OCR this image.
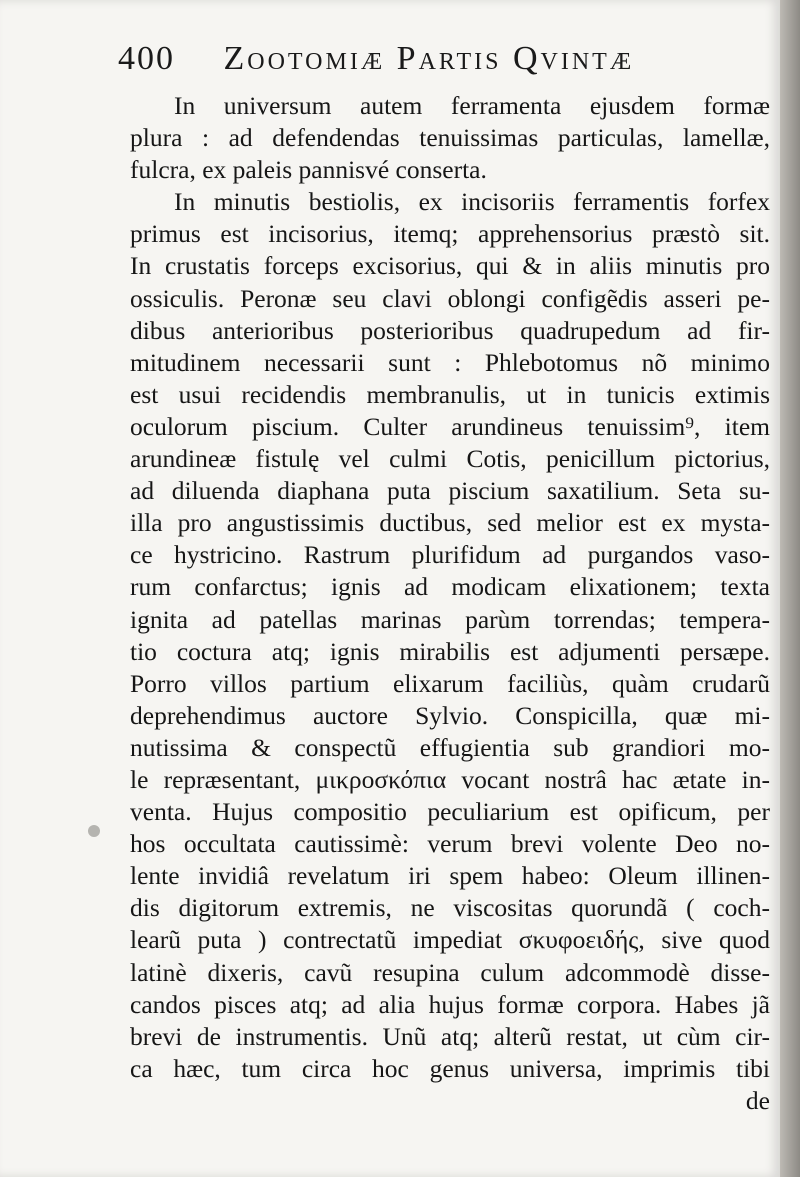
400 Zootomiæ Partis Qvintæ
In universum autem ferramenta ejusdem formæ
plura : ad defendendas tenuissimas particulas, lamellæ,
fulcra, ex paleis pannisvé conserta.
In minutis bestiolis, ex incisoriis ferramentis forfex
primus est incisorius, itemq; apprehensorius præstò sit.
In crustatis forceps excisorius, qui & in aliis minutis pro
ossiculis. Peronæ seu clavi oblongi configẽdis asseri pe-
dibus anterioribus posterioribus quadrupedum ad fir-
mitudinem necessarii sunt : Phlebotomus nõ minimo
est usui recidendis membranulis, ut in tunicis extimis
oculorum piscium. Culter arundineus tenuissim⁹, item
arundineæ fistulę vel culmi Cotis, penicillum pictorius,
ad diluenda diaphana puta piscium saxatilium. Seta su-
illa pro angustissimis ductibus, sed melior est ex mysta-
ce hystricino. Rastrum plurifidum ad purgandos vaso-
rum confarctus; ignis ad modicam elixationem; texta
ignita ad patellas marinas parùm torrendas; tempera-
tio coctura atq; ignis mirabilis est adjumenti persæpe.
Porro villos partium elixarum faciliùs, quàm crudarũ
deprehendimus auctore Sylvio. Conspicilla, quæ mi-
nutissima & conspectũ effugientia sub grandiori mo-
le repræsentant, μικροσκόπια vocant nostrâ hac ætate in-
venta. Hujus compositio peculiarium est opificum, per
hos occultata cautissimè: verum brevi volente Deo no-
lente invidiâ revelatum iri spem habeo: Oleum illinen-
dis digitorum extremis, ne viscositas quorundã ( coch-
learũ puta ) contrectatũ impediat σκυφοειδής, sive quod
latinè dixeris, cavũ resupina culum adcommodè disse-
candos pisces atq; ad alia hujus formæ corpora. Habes jã
brevi de instrumentis. Unũ atq; alterũ restat, ut cùm cir-
ca hæc, tum circa hoc genus universa, imprimis tibi
de
